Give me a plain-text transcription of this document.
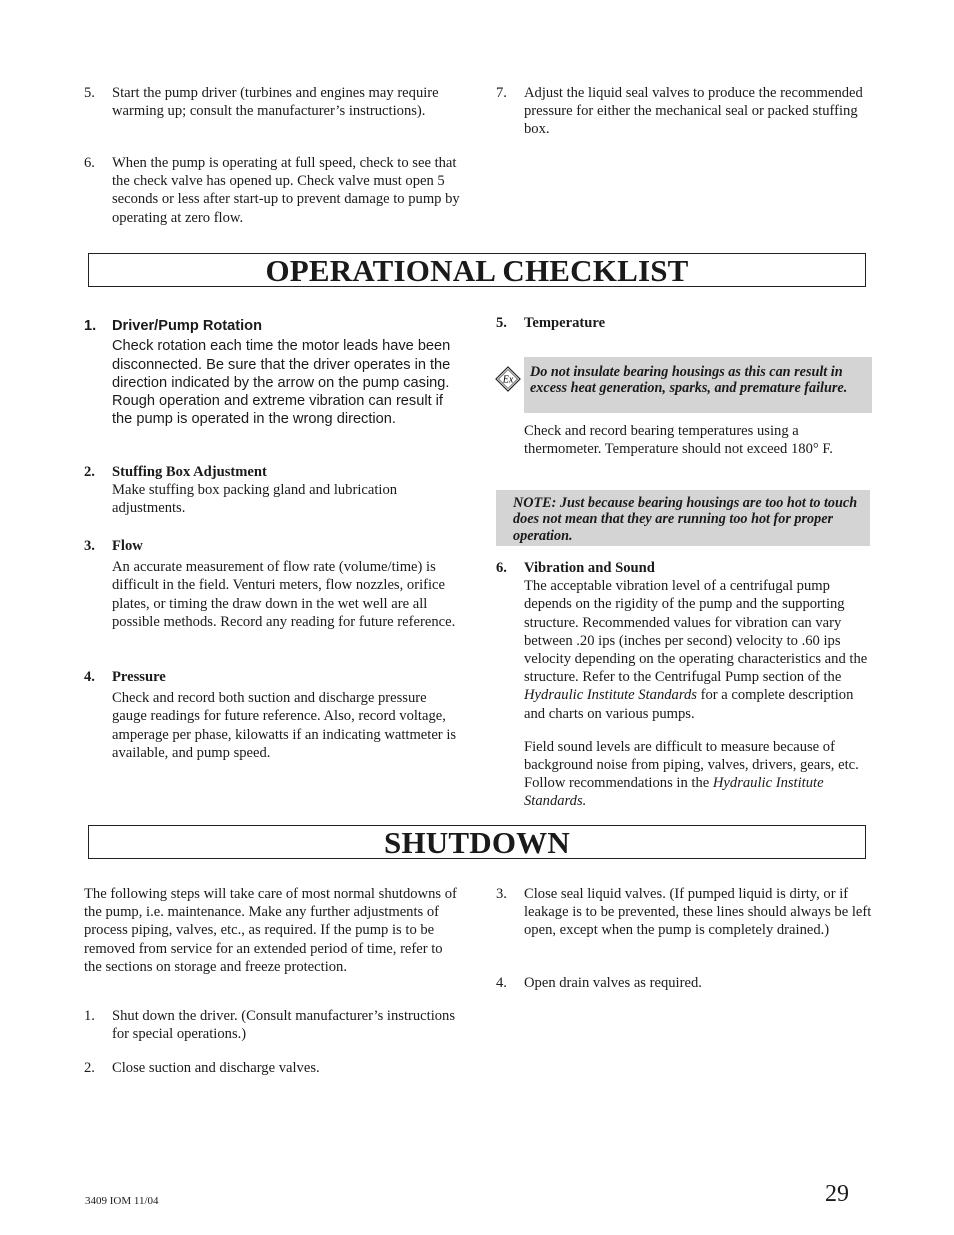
5. Start the pump driver (turbines and engines may require warming up; consult the manufacturer’s instructions).
6. When the pump is operating at full speed, check to see that the check valve has opened up. Check valve must open 5 seconds or less after start-up to prevent damage to pump by operating at zero flow.
7. Adjust the liquid seal valves to produce the recommended pressure for either the mechanical seal or packed stuffing box.
OPERATIONAL CHECKLIST
1. Driver/Pump Rotation
Check rotation each time the motor leads have been disconnected. Be sure that the driver operates in the direction indicated by the arrow on the pump casing. Rough operation and extreme vibration can result if the pump is operated in the wrong direction.
2. Stuffing Box Adjustment
Make stuffing box packing gland and lubrication adjustments.
3. Flow
An accurate measurement of flow rate (volume/time) is difficult in the field. Venturi meters, flow nozzles, orifice plates, or timing the draw down in the wet well are all possible methods. Record any reading for future reference.
4. Pressure
Check and record both suction and discharge pressure gauge readings for future reference. Also, record voltage, amperage per phase, kilowatts if an indicating wattmeter is available, and pump speed.
5. Temperature
Ex Do not insulate bearing housings as this can result in excess heat generation, sparks, and premature failure.
Check and record bearing temperatures using a thermometer. Temperature should not exceed 180° F.
NOTE: Just because bearing housings are too hot to touch does not mean that they are running too hot for proper operation.
6. Vibration and Sound
The acceptable vibration level of a centrifugal pump depends on the rigidity of the pump and the supporting structure. Recommended values for vibration can vary between .20 ips (inches per second) velocity to .60 ips velocity depending on the operating characteristics and the structure. Refer to the Centrifugal Pump section of the Hydraulic Institute Standards for a complete description and charts on various pumps.
Field sound levels are difficult to measure because of background noise from piping, valves, drivers, gears, etc. Follow recommendations in the Hydraulic Institute Standards.
SHUTDOWN
The following steps will take care of most normal shutdowns of the pump, i.e. maintenance. Make any further adjustments of process piping, valves, etc., as required. If the pump is to be removed from service for an extended period of time, refer to the sections on storage and freeze protection.
1. Shut down the driver. (Consult manufacturer’s instructions for special operations.)
2. Close suction and discharge valves.
3. Close seal liquid valves. (If pumped liquid is dirty, or if leakage is to be prevented, these lines should always be left open, except when the pump is completely drained.)
4. Open drain valves as required.
3409 IOM 11/04	29
